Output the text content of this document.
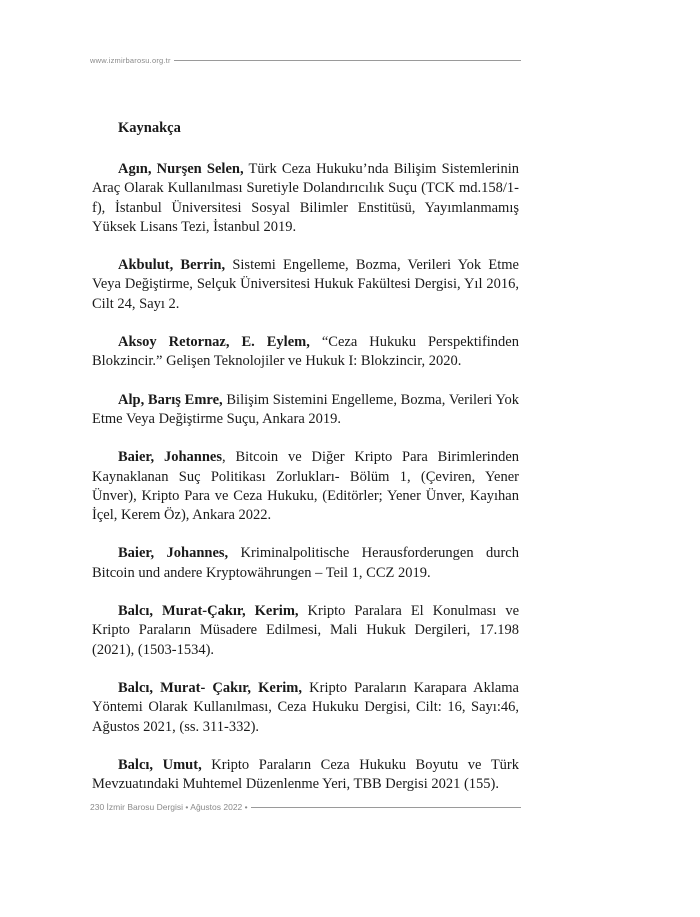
www.izmirbarosu.org.tr
Kaynakça

Agın, Nurşen Selen, Türk Ceza Hukuku’nda Bilişim Sistemlerinin Araç Olarak Kullanılması Suretiyle Dolandırıcılık Suçu (TCK md.158/1-f), İstanbul Üniversitesi Sosyal Bilimler Enstitüsü, Yayımlanmamış Yüksek Lisans Tezi, İstanbul 2019.

Akbulut, Berrin, Sistemi Engelleme, Bozma, Verileri Yok Etme Veya Değiştirme, Selçuk Üniversitesi Hukuk Fakültesi Dergisi, Yıl 2016, Cilt 24, Sayı 2.

Aksoy Retornaz, E. Eylem, “Ceza Hukuku Perspektifinden Blokzincir.” Gelişen Teknolojiler ve Hukuk I: Blokzincir, 2020.

Alp, Barış Emre, Bilişim Sistemini Engelleme, Bozma, Verileri Yok Etme Veya Değiştirme Suçu, Ankara 2019.

Baier, Johannes, Bitcoin ve Diğer Kripto Para Birimlerinden Kaynaklanan Suç Politikası Zorlukları- Bölüm 1, (Çeviren, Yener Ünver), Kripto Para ve Ceza Hukuku, (Editörler; Yener Ünver, Kayıhan İçel, Kerem Öz), Ankara 2022.

Baier, Johannes, Kriminalpolitische Herausforderungen durch Bitcoin und andere Kryptowährungen – Teil 1, CCZ 2019.

Balcı, Murat-Çakır, Kerim, Kripto Paralara El Konulması ve Kripto Paraların Müsadere Edilmesi, Mali Hukuk Dergileri, 17.198 (2021), (1503-1534).

Balcı, Murat- Çakır, Kerim, Kripto Paraların Karapara Aklama Yöntemi Olarak Kullanılması, Ceza Hukuku Dergisi, Cilt: 16, Sayı:46, Ağustos 2021, (ss. 311-332).

Balcı, Umut, Kripto Paraların Ceza Hukuku Boyutu ve Türk Mevzuatındaki Muhtemel Düzenlenme Yeri, TBB Dergisi 2021 (155).

230 İzmir Barosu Dergisi • Ağustos 2022 •
